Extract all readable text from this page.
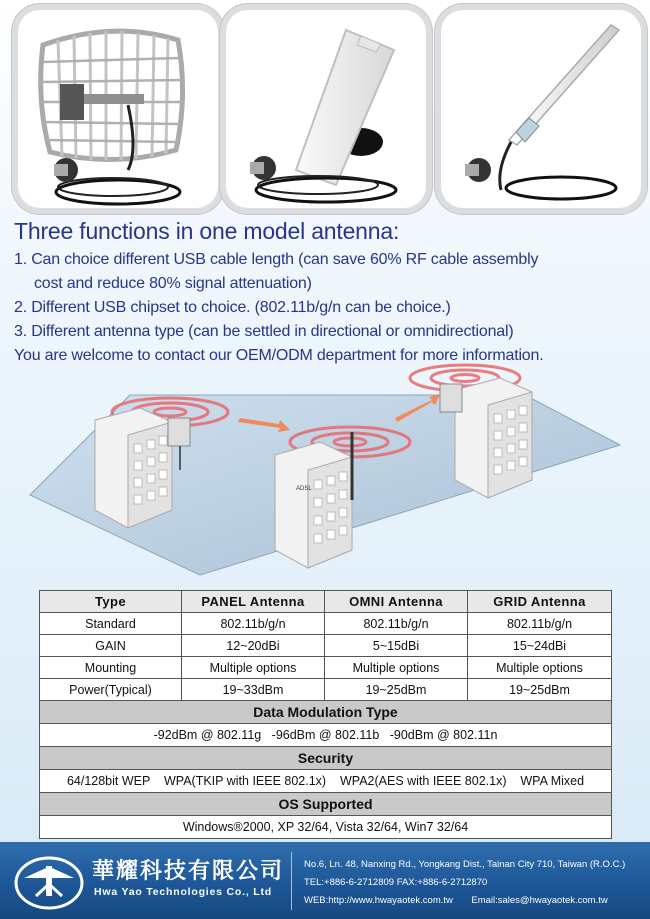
Three functions in one model antenna:
1. Can choice different USB cable length (can save 60% RF cable assembly
cost and reduce 80% signal attenuation)
2. Different USB chipset to choice. (802.11b/g/n can be choice.)
3. Different antenna type (can be settled in directional or omnidirectional)
You are welcome to contact our OEM/ODM department for more information.
ADSL
Type	PANEL Antenna	OMNI Antenna	GRID Antenna
Standard	802.11b/g/n	802.11b/g/n	802.11b/g/n
GAIN	12~20dBi	5~15dBi	15~24dBi
Mounting	Multiple options	Multiple options	Multiple options
Power(Typical)	19~33dBm	19~25dBm	19~25dBm
Data Modulation Type			
-92dBm @ 802.11g   -96dBm @ 802.11b   -90dBm @ 802.11n			
Security			
64/128bit WEP    WPA(TKIP with IEEE 802.1x)    WPA2(AES with IEEE 802.1x)    WPA Mixed			
OS Supported			
Windows®2000, XP 32/64, Vista 32/64, Win7 32/64			
華耀科技有限公司
Hwa Yao Technologies Co., Ltd
No.6, Ln. 48, Nanxing Rd., Yongkang Dist., Tainan City 710, Taiwan (R.O.C.)
TEL:+886-6-2712809 FAX:+886-6-2712870
WEB:http://www.hwayaotek.com.tw       Email:sales@hwayaotek.com.tw
